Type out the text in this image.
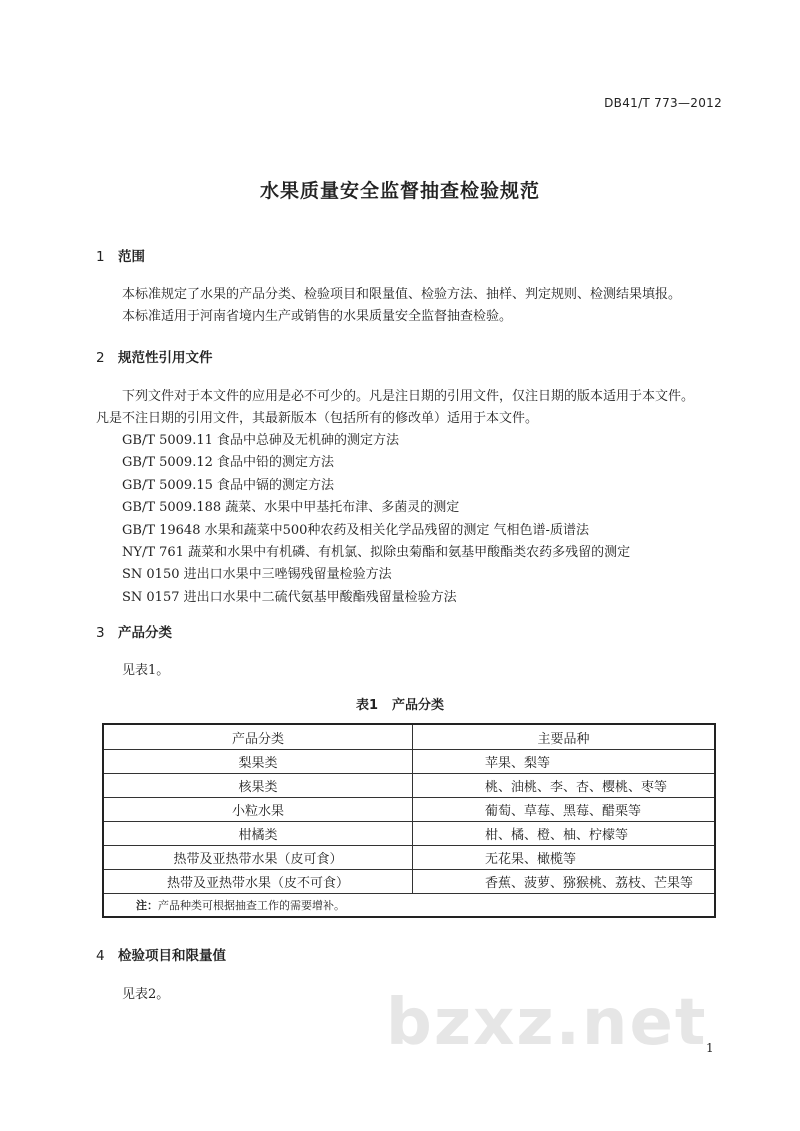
DB41/T 773—2012
水果质量安全监督抽查检验规范
1 范围
本标准规定了水果的产品分类、检验项目和限量值、检验方法、抽样、判定规则、检测结果填报。
本标准适用于河南省境内生产或销售的水果质量安全监督抽查检验。
2 规范性引用文件
下列文件对于本文件的应用是必不可少的。凡是注日期的引用文件，仅注日期的版本适用于本文件。
凡是不注日期的引用文件，其最新版本（包括所有的修改单）适用于本文件。
GB/T 5009.11 食品中总砷及无机砷的测定方法
GB/T 5009.12 食品中铅的测定方法
GB/T 5009.15 食品中镉的测定方法
GB/T 5009.188 蔬菜、水果中甲基托布津、多菌灵的测定
GB/T 19648 水果和蔬菜中500种农药及相关化学品残留的测定 气相色谱-质谱法
NY/T 761 蔬菜和水果中有机磷、有机氯、拟除虫菊酯和氨基甲酸酯类农药多残留的测定
SN 0150 进出口水果中三唑锡残留量检验方法
SN 0157 进出口水果中二硫代氨基甲酸酯残留量检验方法
3 产品分类
见表1。
表1 产品分类
产品分类	主要品种
梨果类	苹果、梨等
核果类	桃、油桃、李、杏、樱桃、枣等
小粒水果	葡萄、草莓、黑莓、醋栗等
柑橘类	柑、橘、橙、柚、柠檬等
热带及亚热带水果（皮可食）	无花果、橄榄等
热带及亚热带水果（皮不可食）	香蕉、菠萝、猕猴桃、荔枝、芒果等
注：产品种类可根据抽查工作的需要增补。	
4 检验项目和限量值
见表2。	bzxz.net
1
